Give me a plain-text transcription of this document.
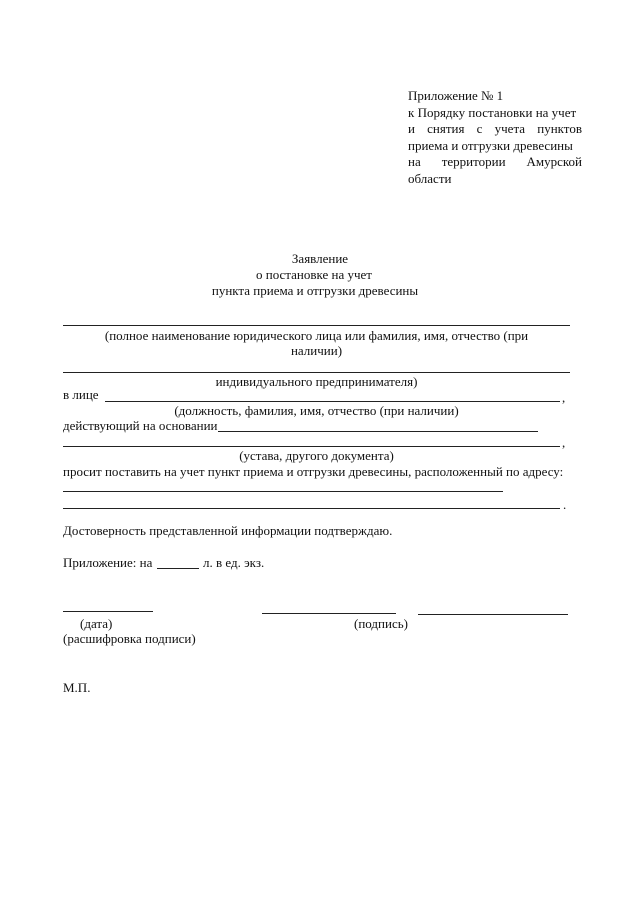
Приложение № 1
к Порядку постановки на учет
и снятия с учета пунктов
приема и отгрузки древесины
на территории Амурской
области
Заявление
о постановке на учет
пункта приема и отгрузки древесины
(полное наименование юридического лица или фамилия, имя, отчество (при
наличии)
индивидуального предпринимателя)
в лице	,
(должность, фамилия, имя, отчество (при наличии)
действующий на основании
,
(устава, другого документа)
просит поставить на учет пункт приема и отгрузки древесины, расположенный по адресу:
.
Достоверность представленной информации подтверждаю.
Приложение: на	л. в ед. экз.
(дата)	(подпись)
(расшифровка подписи)
М.П.
